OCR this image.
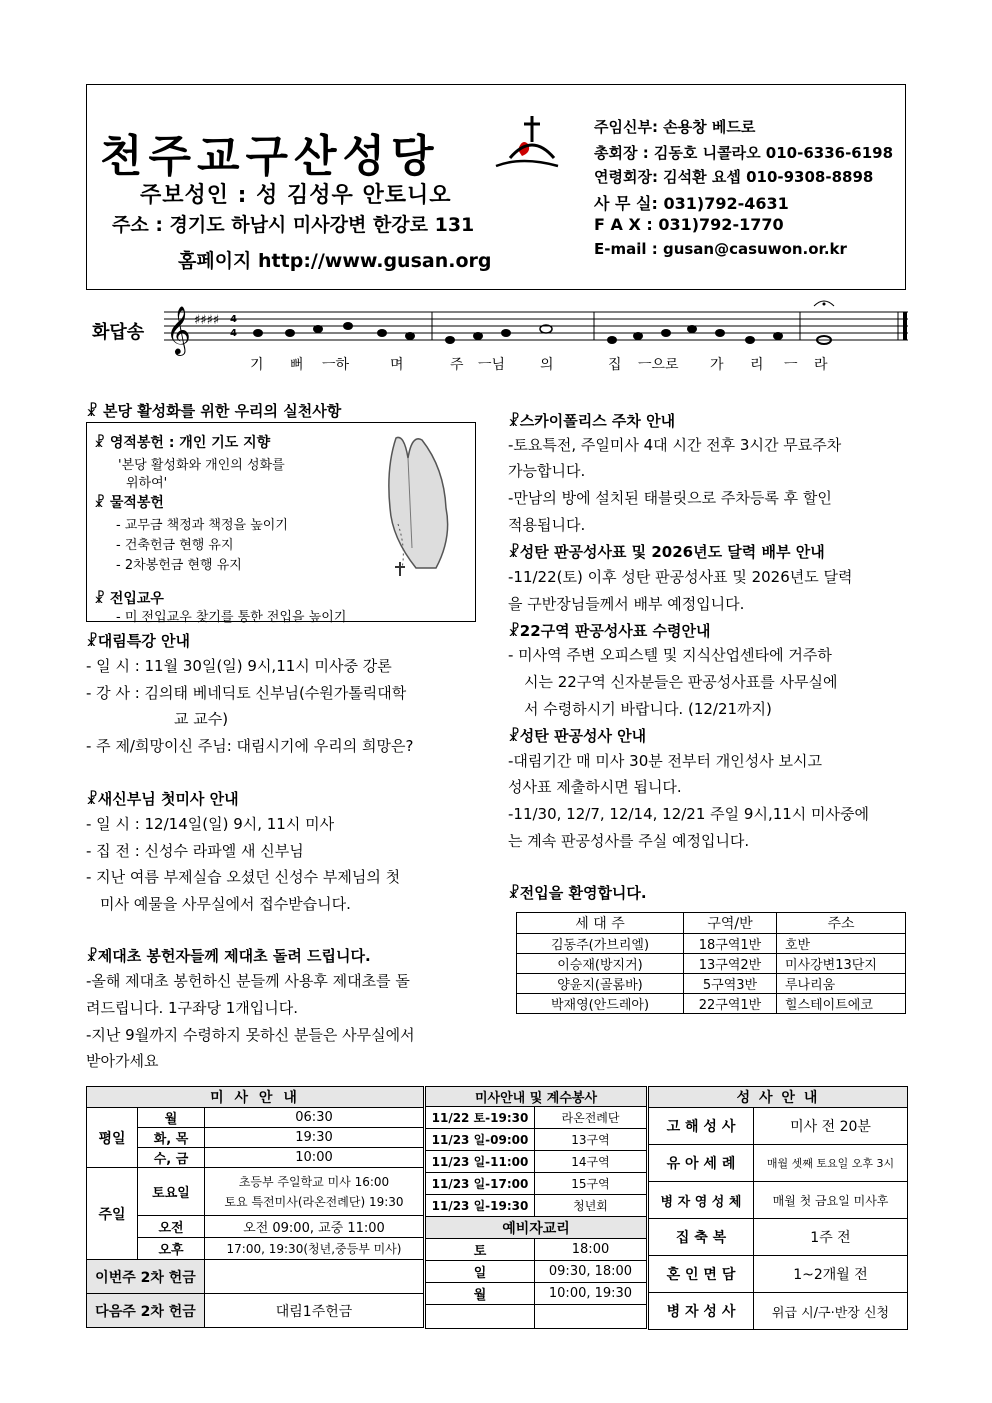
천주교구산성당
주보성인 : 성 김성우 안토니오
주소 : 경기도 하남시 미사강변 한강로 131
홈페이지 http://www.gusan.org
주임신부: 손용창 베드로
총회장 : 김동호 니콜라오 010-6336-6198
연령회장: 김석환 요셉 010-9308-8898
사 무 실: 031)792-4631
F A X : 031)792-1770
E-mail : gusan@casuwon.or.kr
화답송 𝄞 ♯♯♯♯ 4
4
기 뻐 ㅡ하	며	주 ㅡ님 의	집 ㅡ으로 가 리 ㅡ 라
☧ 본당 활성화를 위한 우리의 실천사항
☧ 영적봉헌 : 개인 기도 지향
'본당 활성화와 개인의 성화를
위하여'
☧ 물적봉헌
- 교무금 책정과 책정을 높이기
- 건축헌금 현행 유지
- 2차봉헌금 현행 유지
☧ 전입교우
- 미 전입교우 찾기를 통한 전입을 높이기
☧대림특강 안내
- 일 시 : 11월 30일(일) 9시,11시 미사중 강론
- 강 사 : 김의태 베네딕토 신부님(수원가톨릭대학
교 교수)
- 주 제/희망이신 주님: 대림시기에 우리의 희망은?
☧새신부님 첫미사 안내
- 일 시 : 12/14일(일) 9시, 11시 미사
- 집 전 : 신성수 라파엘 새 신부님
- 지난 여름 부제실습 오셨던 신성수 부제님의 첫
미사 예물을 사무실에서 접수받습니다.
☧제대초 봉헌자들께 제대초 돌려 드립니다.
-올해 제대초 봉헌하신 분들께 사용후 제대초를 돌
려드립니다. 1구좌당 1개입니다.
-지난 9월까지 수령하지 못하신 분들은 사무실에서
받아가세요
☧스카이폴리스 주차 안내
-토요특전, 주일미사 4대 시간 전후 3시간 무료주차
가능합니다.
-만남의 방에 설치된 태블릿으로 주차등록 후 할인
적용됩니다.
☧성탄 판공성사표 및 2026년도 달력 배부 안내
-11/22(토) 이후 성탄 판공성사표 및 2026년도 달력
을 구반장님들께서 배부 예정입니다.
☧22구역 판공성사표 수령안내
- 미사역 주변 오피스텔 및 지식산업센타에 거주하
시는 22구역 신자분들은 판공성사표를 사무실에
서 수령하시기 바랍니다. (12/21까지)
☧성탄 판공성사 안내
-대림기간 매 미사 30분 전부터 개인성사 보시고
성사표 제출하시면 됩니다.
-11/30, 12/7, 12/14, 12/21 주일 9시,11시 미사중에
는 계속 판공성사를 주실 예정입니다.
☧전입을 환영합니다.
세 대 주	구역/반	주소
김동주(가브리엘)	18구역1반	호반
이승재(방지거)	13구역2반	미사강변13단지
양윤지(골롬바)	5구역3반	루나리움
박재영(안드레아)	22구역1반	힐스테이트에코
미 사 안 내		
평일	월	06:30
	화, 목	19:30
	수, 금	10:00
주일	토요일	초등부 주일학교 미사 16:00
토요 특전미사(라온전례단) 19:30

	오전	오전 09:00, 교중 11:00
	오후	17:00, 19:30(청년,중등부 미사)
이번주 2차 헌금		
다음주 2차 헌금		대림1주헌금
미사안내 및 계수봉사	
11/22 토-19:30	라온전례단
11/23 일-09:00	13구역
11/23 일-11:00	14구역
11/23 일-17:00	15구역
11/23 일-19:30	청년회
예비자교리	
토	18:00
일	09:30, 18:00
월	10:00, 19:30

성 사 안 내	
고 해 성 사	미사 전 20분
유 아 세 례	매월 셋째 토요일 오후 3시
병 자 영 성 체	매월 첫 금요일 미사후
집 축 복	1주 전
혼 인 면 담	1~2개월 전
병 자 성 사	위급 시/구·반장 신청
